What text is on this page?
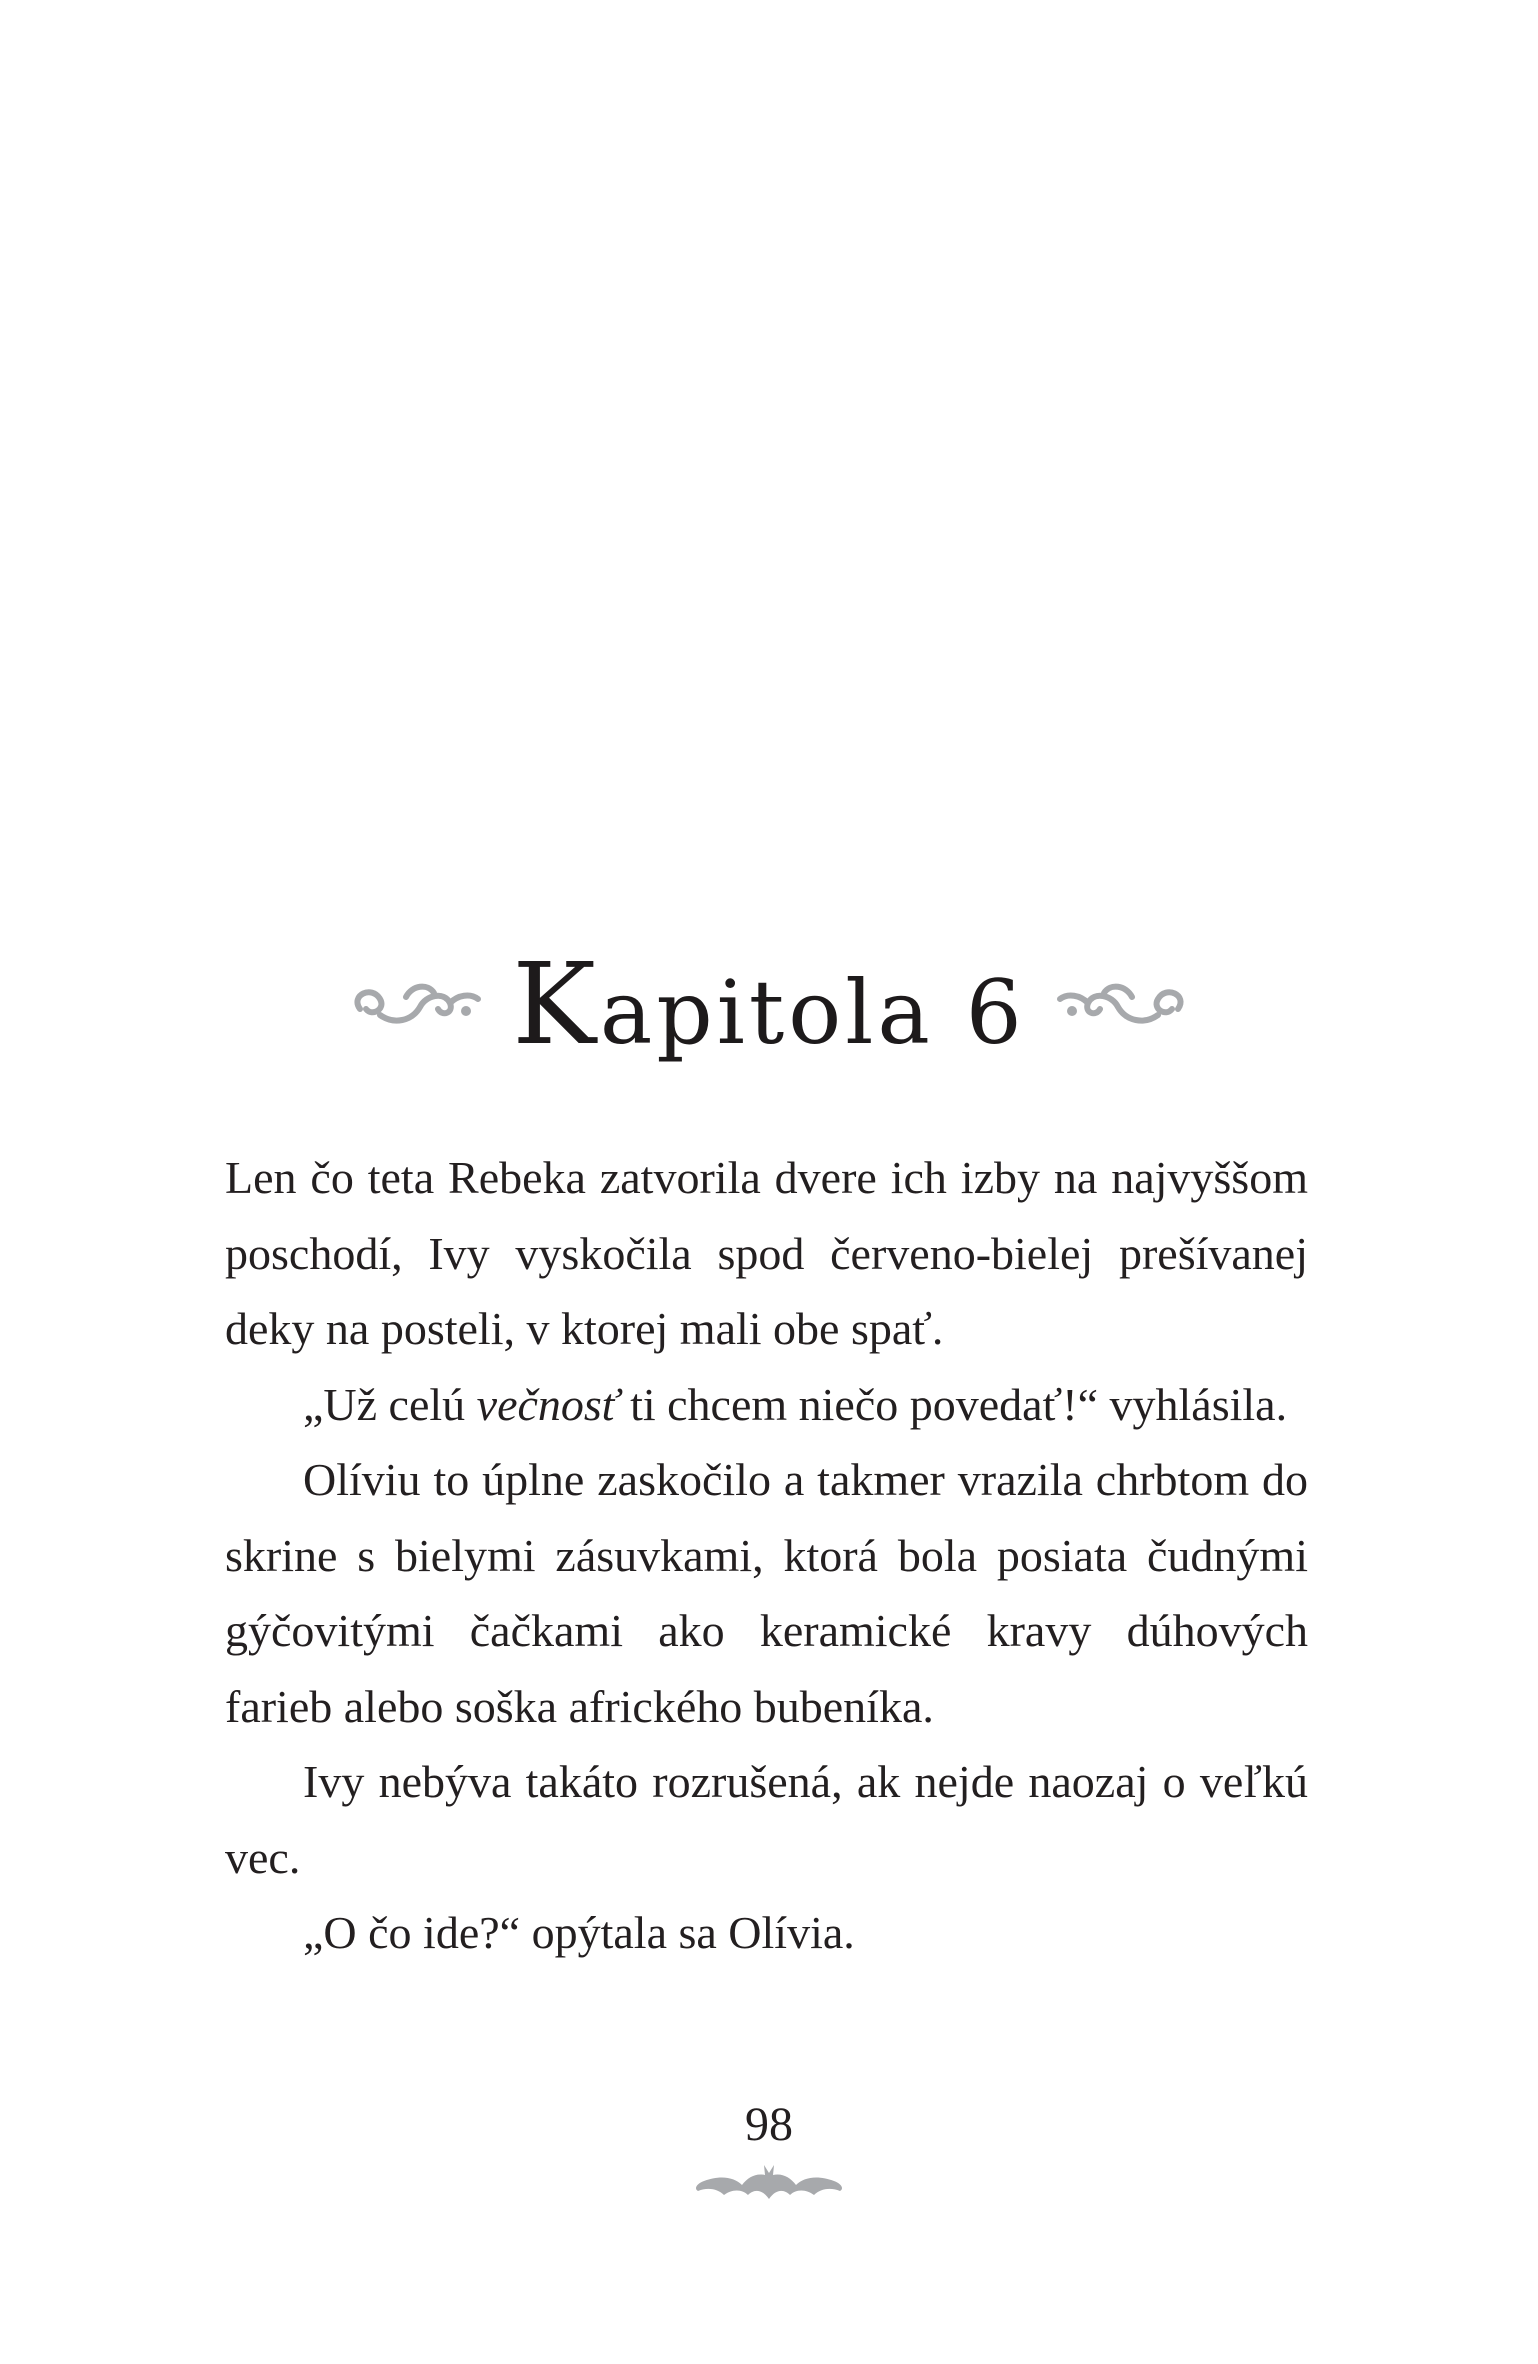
Kapitola 6

Len čo teta Rebeka zatvorila dvere ich izby na najvyššom poschodí, Ivy vyskočila spod červeno-bielej prešívanej deky na posteli, v ktorej mali obe spať.

„Už celú večnosť ti chcem niečo povedať!“ vyhlásila.

Olíviu to úplne zaskočilo a takmer vrazila chrbtom do skrine s bielymi zásuvkami, ktorá bola posiata čudnými gýčovitými čačkami ako keramické kravy dúhových farieb alebo soška afrického bubeníka.

Ivy nebýva takáto rozrušená, ak nejde naozaj o veľkú vec.

„O čo ide?“ opýtala sa Olívia.

98
